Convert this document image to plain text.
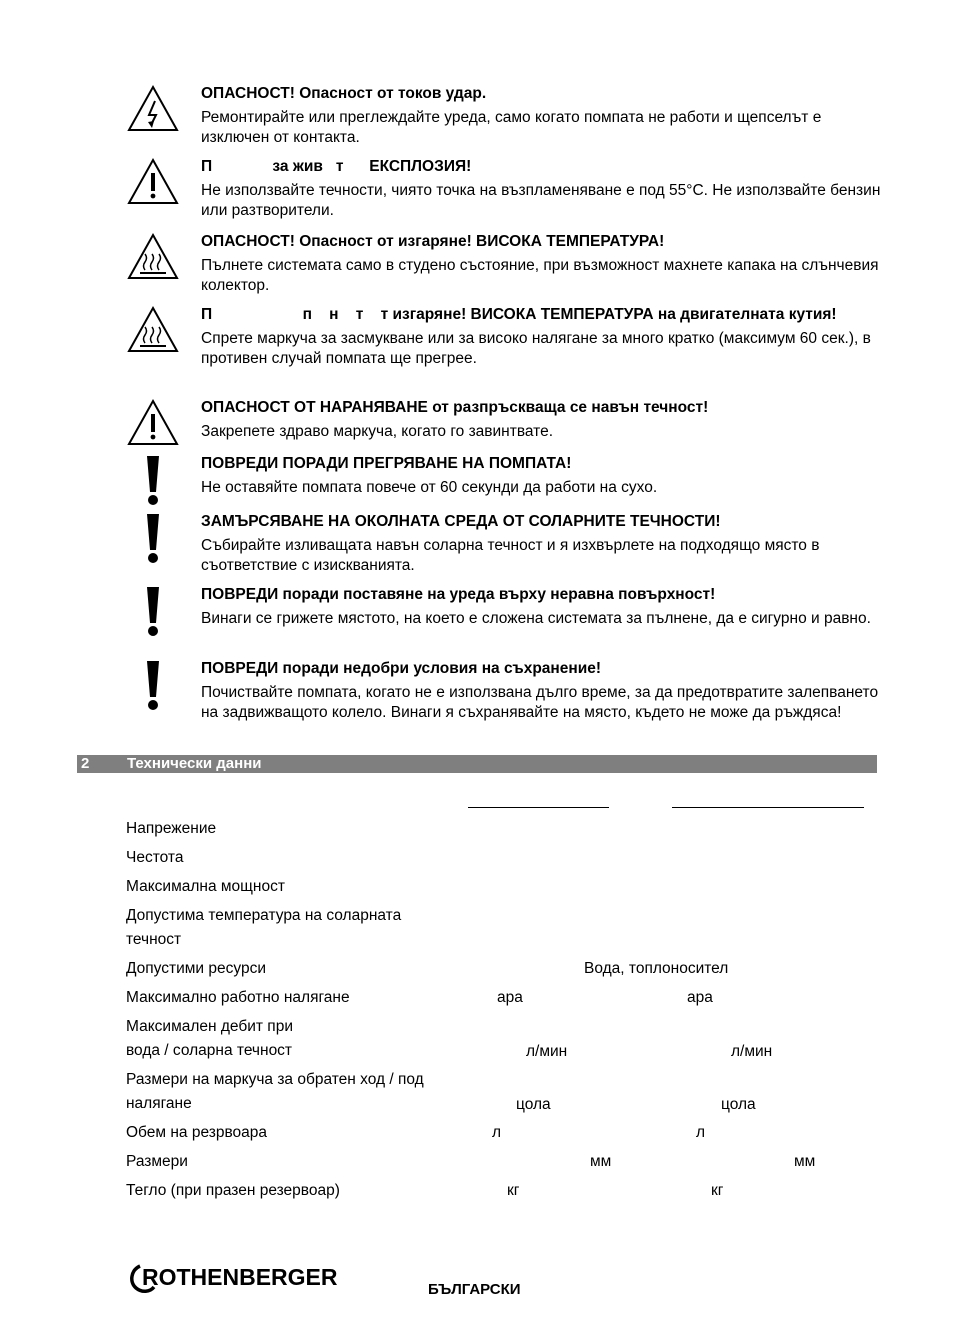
ОПАСНОСТ! Опасност от токов удар.

Ремонтирайте или преглеждайте уреда, само когато помпата не работи и щепселът е изключен от контакта.

П              за жив   т      ЕКСПЛОЗИЯ!

Не използвайте течности, чиято точка на възпламеняване е под 55°C. Не използвайте бензин или разтворители.

ОПАСНОСТ! Опасност от изгаряне! ВИСОКА ТЕМПЕРАТУРА!

Пълнете системата само в студено състояние, при възможност махнете капака на слънчевия колектор.

П                     п    н    т    т изгаряне! ВИСОКА ТЕМПЕРАТУРА на двигателната кутия!

Спрете маркуча за засмукване или за високо налягане за много кратко (максимум 60 сек.), в противен случай помпата ще прегрее.

ОПАСНОСТ ОТ НАРАНЯВАНЕ от разпръскваща се навън течност!

Закрепете здраво маркуча, когато го завинтвате.

ПОВРЕДИ ПОРАДИ ПРЕГРЯВАНЕ НА ПОМПАТА!

Не оставяйте помпата повече от 60 секунди да работи на сухо.

ЗАМЪРСЯВАНЕ НА ОКОЛНАТА СРЕДА ОТ СОЛАРНИТЕ ТЕЧНОСТИ!

Събирайте изливащата навън соларна течност и я изхвърлете на подходящо място в съответствие с изискванията.

ПОВРЕДИ поради поставяне на уреда върху неравна повърхност!

Винаги се грижете мястото, на което е сложена системата за пълнене, да е сигурно и равно.

ПОВРЕДИ поради недобри условия на съхранение!

Почиствайте помпата, когато не е използвана дълго време, за да предотвратите залепването на задвижващото колело. Винаги я съхранявайте на място, където не може да ръждяса!

2	Технически данни
Напрежение
Честота
Максимална мощност
Допустима температура на соларната течност
Допустими ресурси	Вода, топлоносител
Максимално работно налягане	ара	ара
Максимален дебит при вода / соларна течност	л/мин	л/мин
Размери на маркуча за обратен ход / под налягане	цола	цола
Обем на резрвоара	л	л
Размери	мм	мм
Тегло (при празен резервоар)	кг	кг
ROTHENBERGER	БЪЛГАРСКИ
